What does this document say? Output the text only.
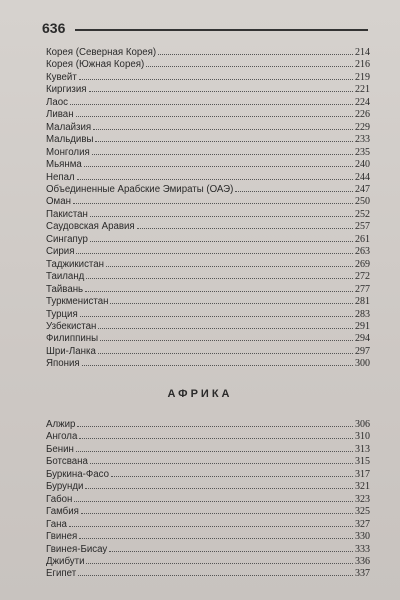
636
Корея (Северная Корея)	214
Корея (Южная Корея)	216
Кувейт	219
Киргизия	221
Лаос	224
Ливан	226
Малайзия	229
Мальдивы	233
Монголия	235
Мьянма	240
Непал	244
Объединенные Арабские Эмираты (ОАЭ)	247
Оман	250
Пакистан	252
Саудовская Аравия	257
Сингапур	261
Сирия	263
Таджикистан	269
Таиланд	272
Тайвань	277
Туркменистан	281
Турция	283
Узбекистан	291
Филиппины	294
Шри-Ланка	297
Япония	300
АФРИКА
Алжир	306
Ангола	310
Бенин	313
Ботсвана	315
Буркина-Фасо	317
Бурунди	321
Габон	323
Гамбия	325
Гана	327
Гвинея	330
Гвинея-Бисау	333
Джибути	336
Египет	337
